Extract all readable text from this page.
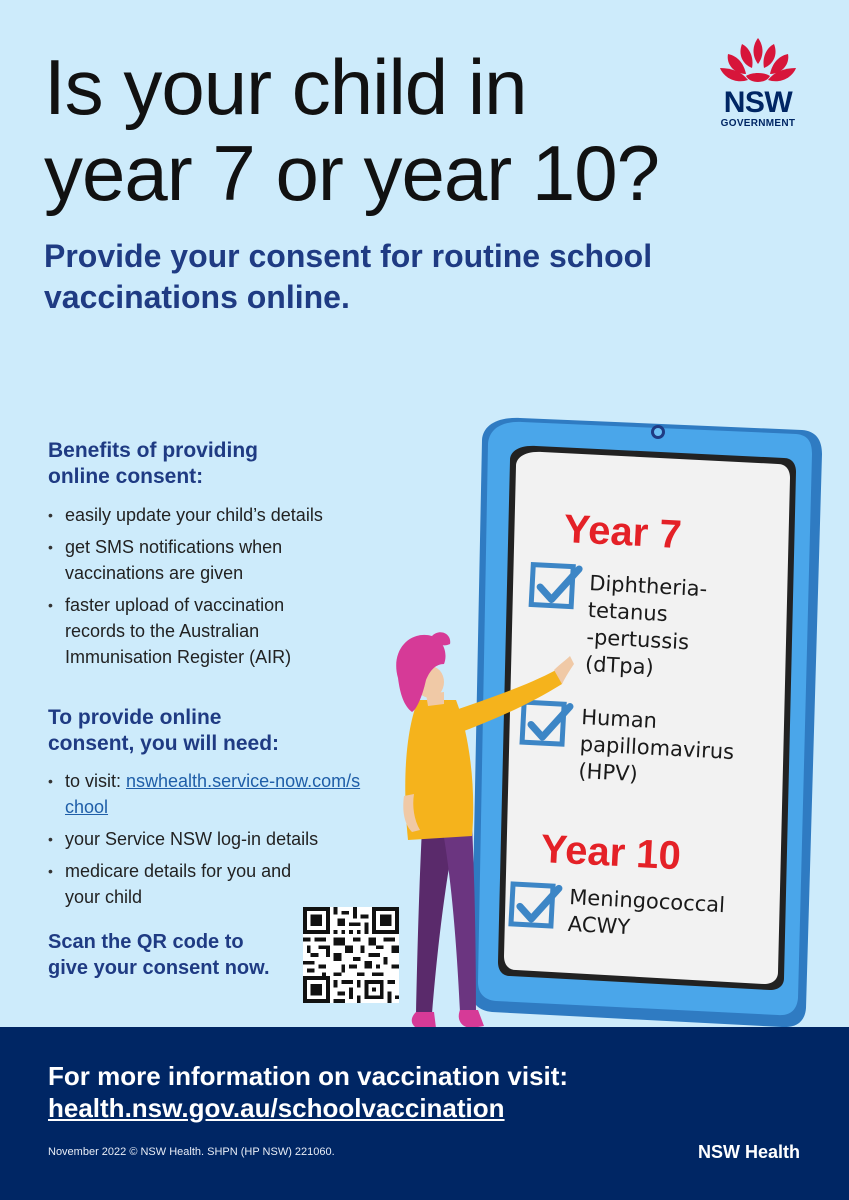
Is your child in
year 7 or year 10?
NSW
GOVERNMENT
Provide your consent for routine school
vaccinations online.
Benefits of providing
online consent:
• easily update your child’s details
• get SMS notifications when vaccinations are given
• faster upload of vaccination records to the Australian Immunisation Register (AIR)
To provide online
consent, you will need:
• to visit: nswhealth.service-now.com/school
• your Service NSW log-in details
• medicare details for you and your child

Scan the QR code to
give your consent now.

Year 7
Diphtheria-
tetanus
-pertussis
(dTpa)
Human
papillomavirus
(HPV)
Year 10
Meningococcal
ACWY

For more information on vaccination visit:

health.nsw.gov.au/schoolvaccination

November 2022 © NSW Health. SHPN (HP NSW) 221060.	NSW Health
